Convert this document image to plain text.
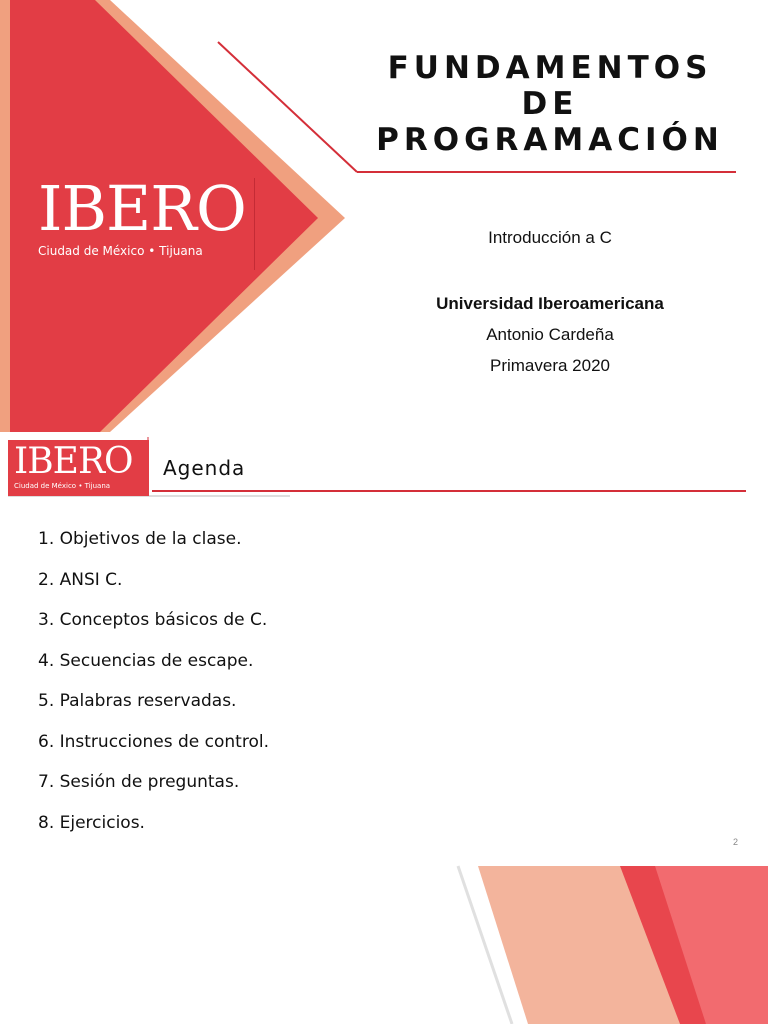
IBERO
Ciudad de México • Tijuana
FUNDAMENTOS
DE
PROGRAMACIÓN
Introducción a C
Universidad Iberoamericana
Antonio Cardeña
Primavera 2020
IBERO
Ciudad de México • Tijuana
Agenda
1. Objetivos de la clase.
2. ANSI C.
3. Conceptos básicos de C.
4. Secuencias de escape.
5. Palabras reservadas.
6. Instrucciones de control.
7. Sesión de preguntas.
8. Ejercicios.
2
